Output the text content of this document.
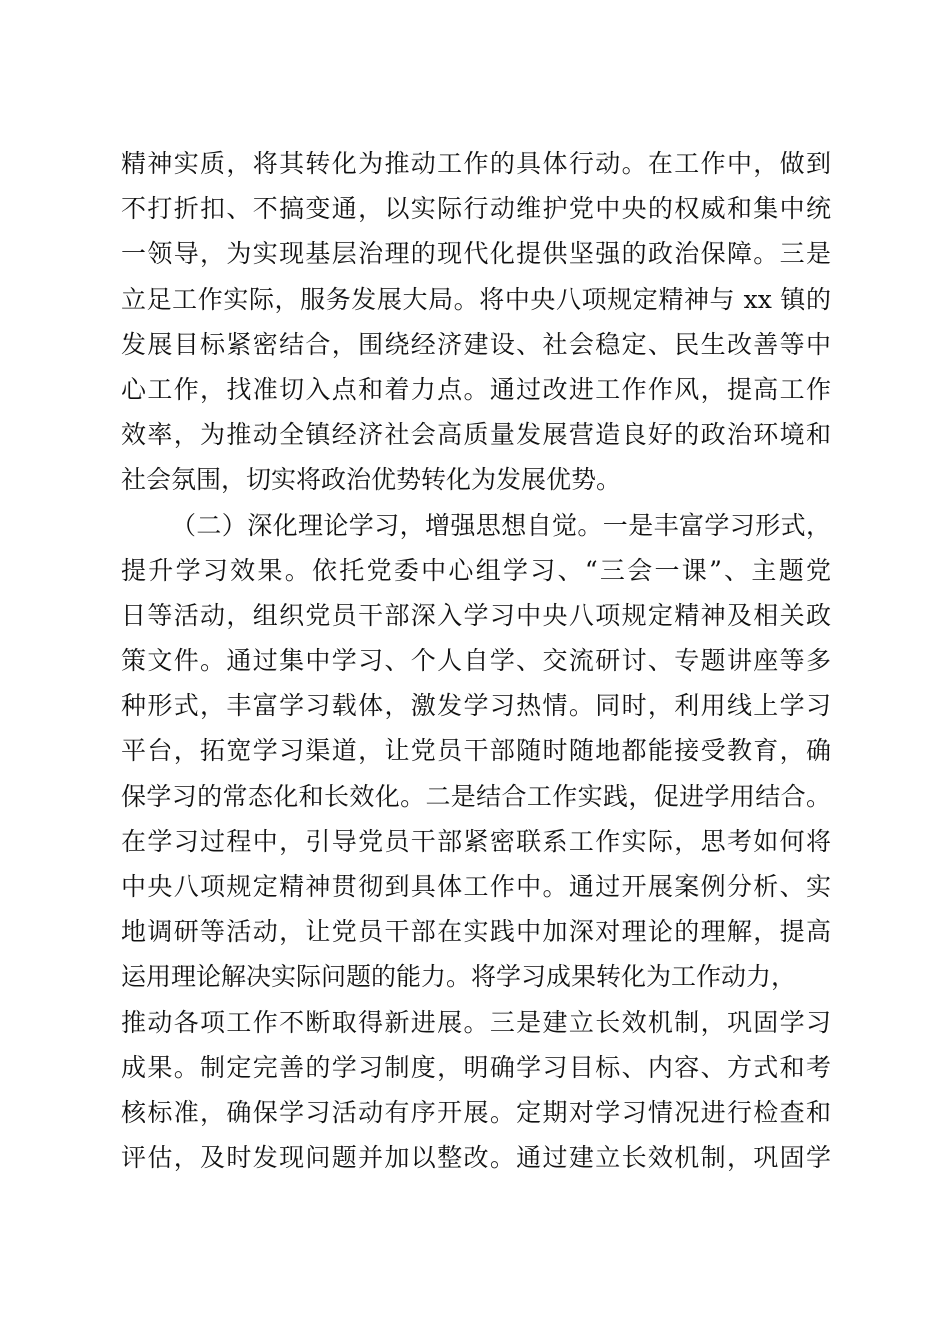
精神实质，将其转化为推动工作的具体行动。在工作中，做到
不打折扣、不搞变通，以实际行动维护党中央的权威和集中统
一领导，为实现基层治理的现代化提供坚强的政治保障。三是
立足工作实际，服务发展大局。将中央八项规定精神与 xx 镇的
发展目标紧密结合，围绕经济建设、社会稳定、民生改善等中
心工作，找准切入点和着力点。通过改进工作作风，提高工作
效率，为推动全镇经济社会高质量发展营造良好的政治环境和
社会氛围，切实将政治优势转化为发展优势。
（二）深化理论学习，增强思想自觉。一是丰富学习形式，
提升学习效果。依托党委中心组学习、“三会一课”、主题党
日等活动，组织党员干部深入学习中央八项规定精神及相关政
策文件。通过集中学习、个人自学、交流研讨、专题讲座等多
种形式，丰富学习载体，激发学习热情。同时，利用线上学习
平台，拓宽学习渠道，让党员干部随时随地都能接受教育，确
保学习的常态化和长效化。二是结合工作实践，促进学用结合。
在学习过程中，引导党员干部紧密联系工作实际，思考如何将
中央八项规定精神贯彻到具体工作中。通过开展案例分析、实
地调研等活动，让党员干部在实践中加深对理论的理解，提高
运用理论解决实际问题的能力。将学习成果转化为工作动力，
推动各项工作不断取得新进展。三是建立长效机制，巩固学习
成果。制定完善的学习制度，明确学习目标、内容、方式和考
核标准，确保学习活动有序开展。定期对学习情况进行检查和
评估，及时发现问题并加以整改。通过建立长效机制，巩固学
